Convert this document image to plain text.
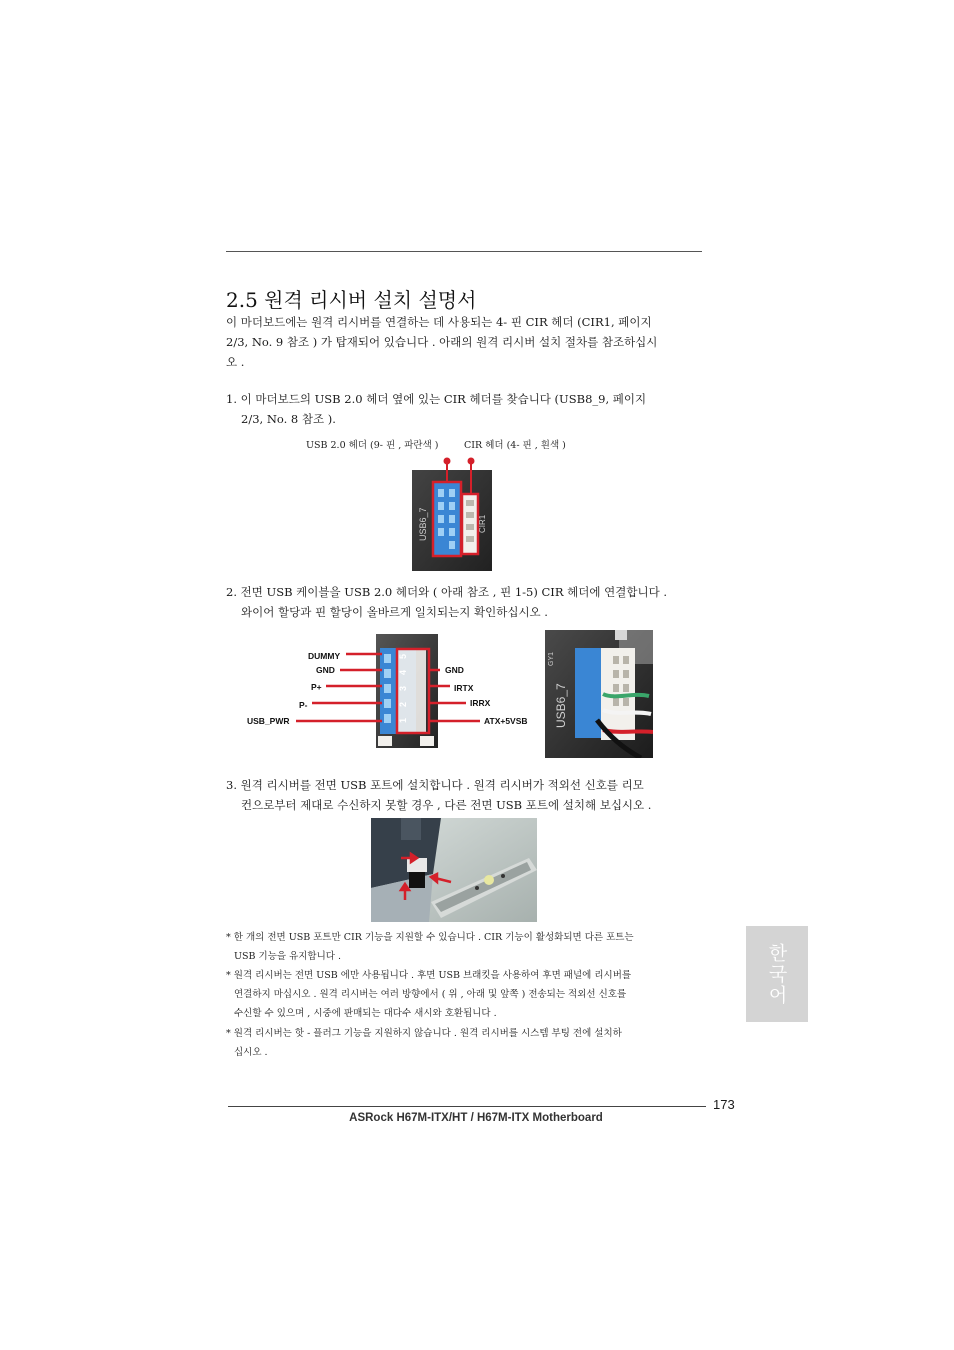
2.5 원격 리시버 설치 설명서
이 마더보드에는 원격 리시버를 연결하는 데 사용되는 4- 핀 CIR 헤더 (CIR1, 페이지
2/3, No. 9 참조 ) 가 탑재되어 있습니다 . 아래의 원격 리시버 설치 절차를 참조하십시
오 .
1. 이 마더보드의 USB 2.0 헤더 옆에 있는 CIR 헤더를 찾습니다 (USB8_9, 페이지
2/3, No. 8 참조 ).
USB 2.0 헤더 (9- 핀 , 파란색 )	CIR 헤더 (4- 핀 , 흰색 )
USB6_7	CIR1
2. 전면 USB 케이블을 USB 2.0 헤더와 ( 아래 참조 , 핀 1-5) CIR 헤더에 연결합니다 .
와이어 할당과 핀 할당이 올바르게 일치되는지 확인하십시오 .
5
4
3
2
1
DUMMY
GND
P+
P-
USB_PWR
GND
IRTX
IRRX
ATX+5VSB USB6_7
GY1
3. 원격 리시버를 전면 USB 포트에 설치합니다 . 원격 리시버가 적외선 신호를 리모
컨으로부터 제대로 수신하지 못할 경우 , 다른 전면 USB 포트에 설치해 보십시오 .
* 한 개의 전면 USB 포트만 CIR 기능을 지원할 수 있습니다 . CIR 기능이 활성화되면 다른 포트는
USB 기능을 유지합니다 .
* 원격 리시버는 전면 USB 에만 사용됩니다 . 후면 USB 브래킷을 사용하여 후면 패널에 리시버를
연결하지 마십시오 . 원격 리시버는 여러 방향에서 ( 위 , 아래 및 앞쪽 ) 전송되는 적외선 신호를
수신할 수 있으며 , 시중에 판매되는 대다수 새시와 호환됩니다 .
* 원격 리시버는 핫 - 플러그 기능을 지원하지 않습니다 . 원격 리시버를 시스템 부팅 전에 설치하
십시오 .
한국어
173
ASRock H67M-ITX/HT / H67M-ITX Motherboard
